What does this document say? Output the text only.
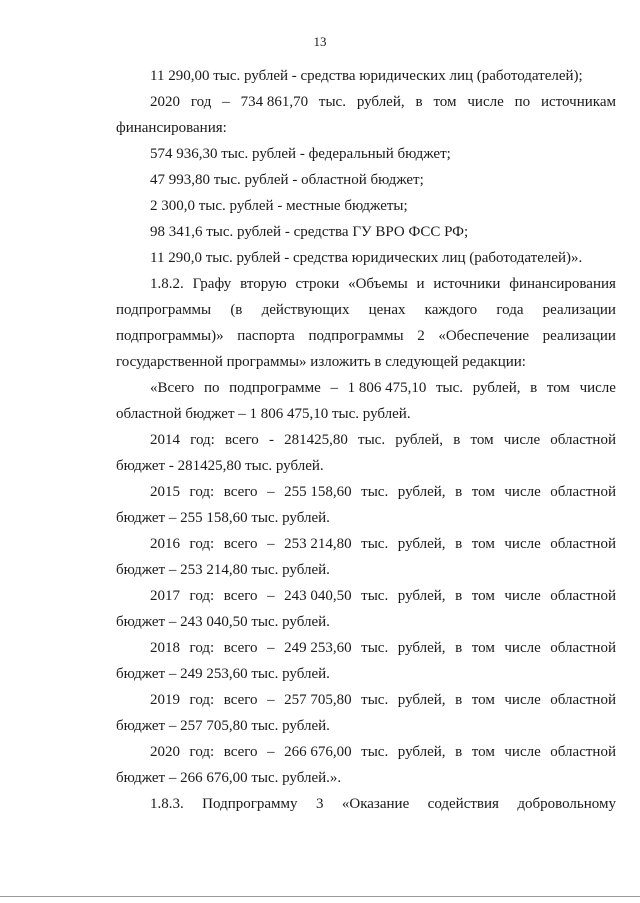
13
11 290,00 тыс. рублей - средства юридических лиц (работодателей);
2020 год – 734 861,70 тыс. рублей, в том числе по источникам
финансирования:
574 936,30 тыс. рублей - федеральный бюджет;
47 993,80 тыс. рублей - областной бюджет;
2 300,0 тыс. рублей - местные бюджеты;
98 341,6 тыс. рублей - средства ГУ ВРО ФСС РФ;
11 290,0 тыс. рублей - средства юридических лиц (работодателей)».
1.8.2. Графу вторую строки «Объемы и источники финансирования
подпрограммы (в действующих ценах каждого года реализации
подпрограммы)» паспорта подпрограммы 2 «Обеспечение реализации
государственной программы» изложить в следующей редакции:
«Всего по подпрограмме – 1 806 475,10 тыс. рублей, в том числе
областной бюджет – 1 806 475,10 тыс. рублей.
2014 год: всего - 281425,80 тыс. рублей, в том числе областной
бюджет - 281425,80 тыс. рублей.
2015 год: всего – 255 158,60 тыс. рублей, в том числе областной
бюджет – 255 158,60 тыс. рублей.
2016 год: всего – 253 214,80 тыс. рублей, в том числе областной
бюджет – 253 214,80 тыс. рублей.
2017 год: всего – 243 040,50 тыс. рублей, в том числе областной
бюджет – 243 040,50 тыс. рублей.
2018 год: всего – 249 253,60 тыс. рублей, в том числе областной
бюджет – 249 253,60 тыс. рублей.
2019 год: всего – 257 705,80 тыс. рублей, в том числе областной
бюджет – 257 705,80 тыс. рублей.
2020 год: всего – 266 676,00 тыс. рублей, в том числе областной
бюджет – 266 676,00 тыс. рублей.».
1.8.3. Подпрограмму 3 «Оказание содействия добровольному
